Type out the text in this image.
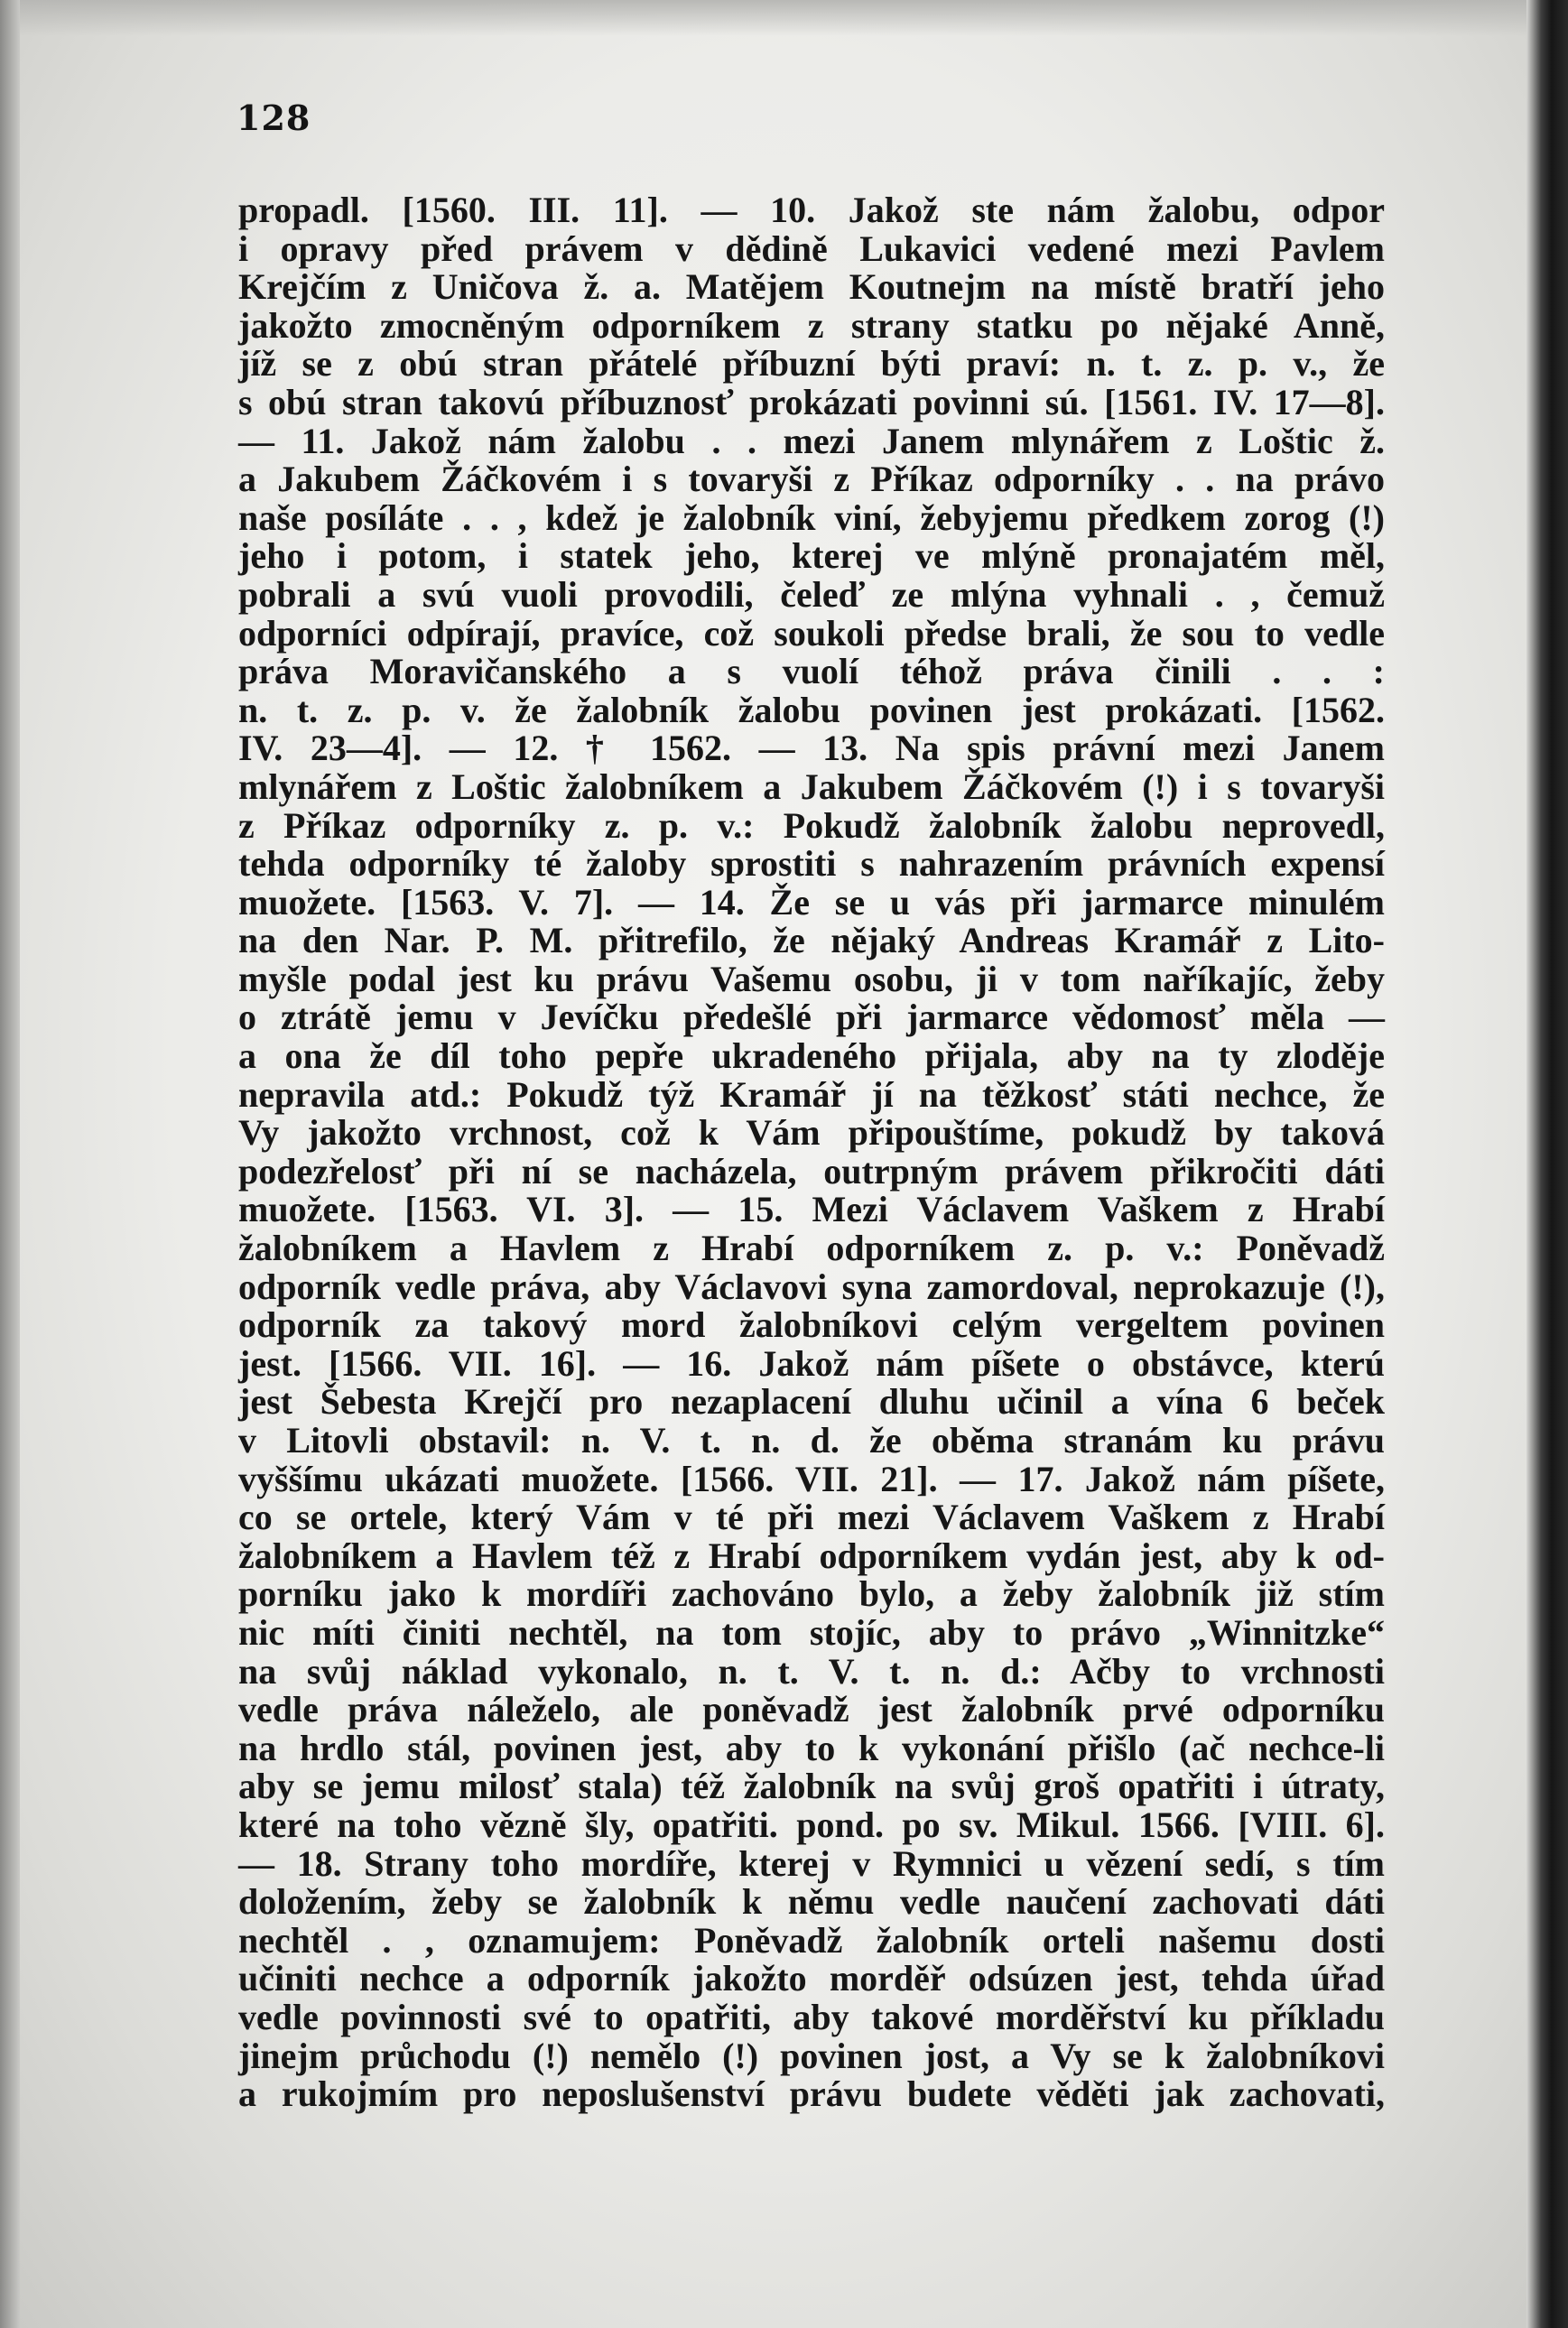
128
propadl. [1560. III. 11]. — 10. Jakož ste nám žalobu, odpor
i opravy před právem v dědině Lukavici vedené mezi Pavlem
Krejčím z Uničova ž. a. Matějem Koutnejm na místě bratří jeho
jakožto zmocněným odporníkem z strany statku po nějaké Anně,
jíž se z obú stran přátelé příbuzní býti praví: n. t. z. p. v., že
s obú stran takovú příbuznosť prokázati povinni sú. [1561. IV. 17—8].
— 11. Jakož nám žalobu . . mezi Janem mlynářem z Loštic ž.
a Jakubem Žáčkovém i s tovaryši z Příkaz odporníky . . na právo
naše posíláte . . , kdež je žalobník viní, žebyjemu předkem zorog (!)
jeho i potom, i statek jeho, kterej ve mlýně pronajatém měl,
pobrali a svú vuoli provodili, čeleď ze mlýna vyhnali . , čemuž
odporníci odpírají, pravíce, což soukoli předse brali, že sou to vedle
práva Moravičanského a s vuolí téhož práva činili . . :
n. t. z. p. v. že žalobník žalobu povinen jest prokázati. [1562.
IV. 23—4]. — 12. † 1562. — 13. Na spis právní mezi Janem
mlynářem z Loštic žalobníkem a Jakubem Žáčkovém (!) i s tovaryši
z Příkaz odporníky z. p. v.: Pokudž žalobník žalobu neprovedl,
tehda odporníky té žaloby sprostiti s nahrazením právních expensí
muožete. [1563. V. 7]. — 14. Že se u vás při jarmarce minulém
na den Nar. P. M. přitrefilo, že nějaký Andreas Kramář z Lito-
myšle podal jest ku právu Vašemu osobu, ji v tom naříkajíc, žeby
o ztrátě jemu v Jevíčku předešlé při jarmarce vědomosť měla —
a ona že díl toho pepře ukradeného přijala, aby na ty zloděje
nepravila atd.: Pokudž týž Kramář jí na těžkosť státi nechce, že
Vy jakožto vrchnost, což k Vám připouštíme, pokudž by taková
podezřelosť při ní se nacházela, outrpným právem přikročiti dáti
muožete. [1563. VI. 3]. — 15. Mezi Václavem Vaškem z Hrabí
žalobníkem a Havlem z Hrabí odporníkem z. p. v.: Poněvadž
odporník vedle práva, aby Václavovi syna zamordoval, neprokazuje (!),
odporník za takový mord žalobníkovi celým vergeltem povinen
jest. [1566. VII. 16]. — 16. Jakož nám píšete o obstávce, kterú
jest Šebesta Krejčí pro nezaplacení dluhu učinil a vína 6 beček
v Litovli obstavil: n. V. t. n. d. že oběma stranám ku právu
vyššímu ukázati muožete. [1566. VII. 21]. — 17. Jakož nám píšete,
co se ortele, který Vám v té při mezi Václavem Vaškem z Hrabí
žalobníkem a Havlem též z Hrabí odporníkem vydán jest, aby k od-
porníku jako k mordíři zachováno bylo, a žeby žalobník již stím
nic míti činiti nechtěl, na tom stojíc, aby to právo „Winnitzke“
na svůj náklad vykonalo, n. t. V. t. n. d.: Ačby to vrchnosti
vedle práva náleželo, ale poněvadž jest žalobník prvé odporníku
na hrdlo stál, povinen jest, aby to k vykonání přišlo (ač nechce-li
aby se jemu milosť stala) též žalobník na svůj groš opatřiti i útraty,
které na toho vězně šly, opatřiti. pond. po sv. Mikul. 1566. [VIII. 6].
— 18. Strany toho mordíře, kterej v Rymnici u vězení sedí, s tím
doložením, žeby se žalobník k němu vedle naučení zachovati dáti
nechtěl . , oznamujem: Poněvadž žalobník orteli našemu dosti
učiniti nechce a odporník jakožto morděř odsúzen jest, tehda úřad
vedle povinnosti své to opatřiti, aby takové morděřství ku příkladu
jinejm průchodu (!) nemělo (!) povinen jost, a Vy se k žalobníkovi
a rukojmím pro neposlušenství právu budete věděti jak zachovati,
